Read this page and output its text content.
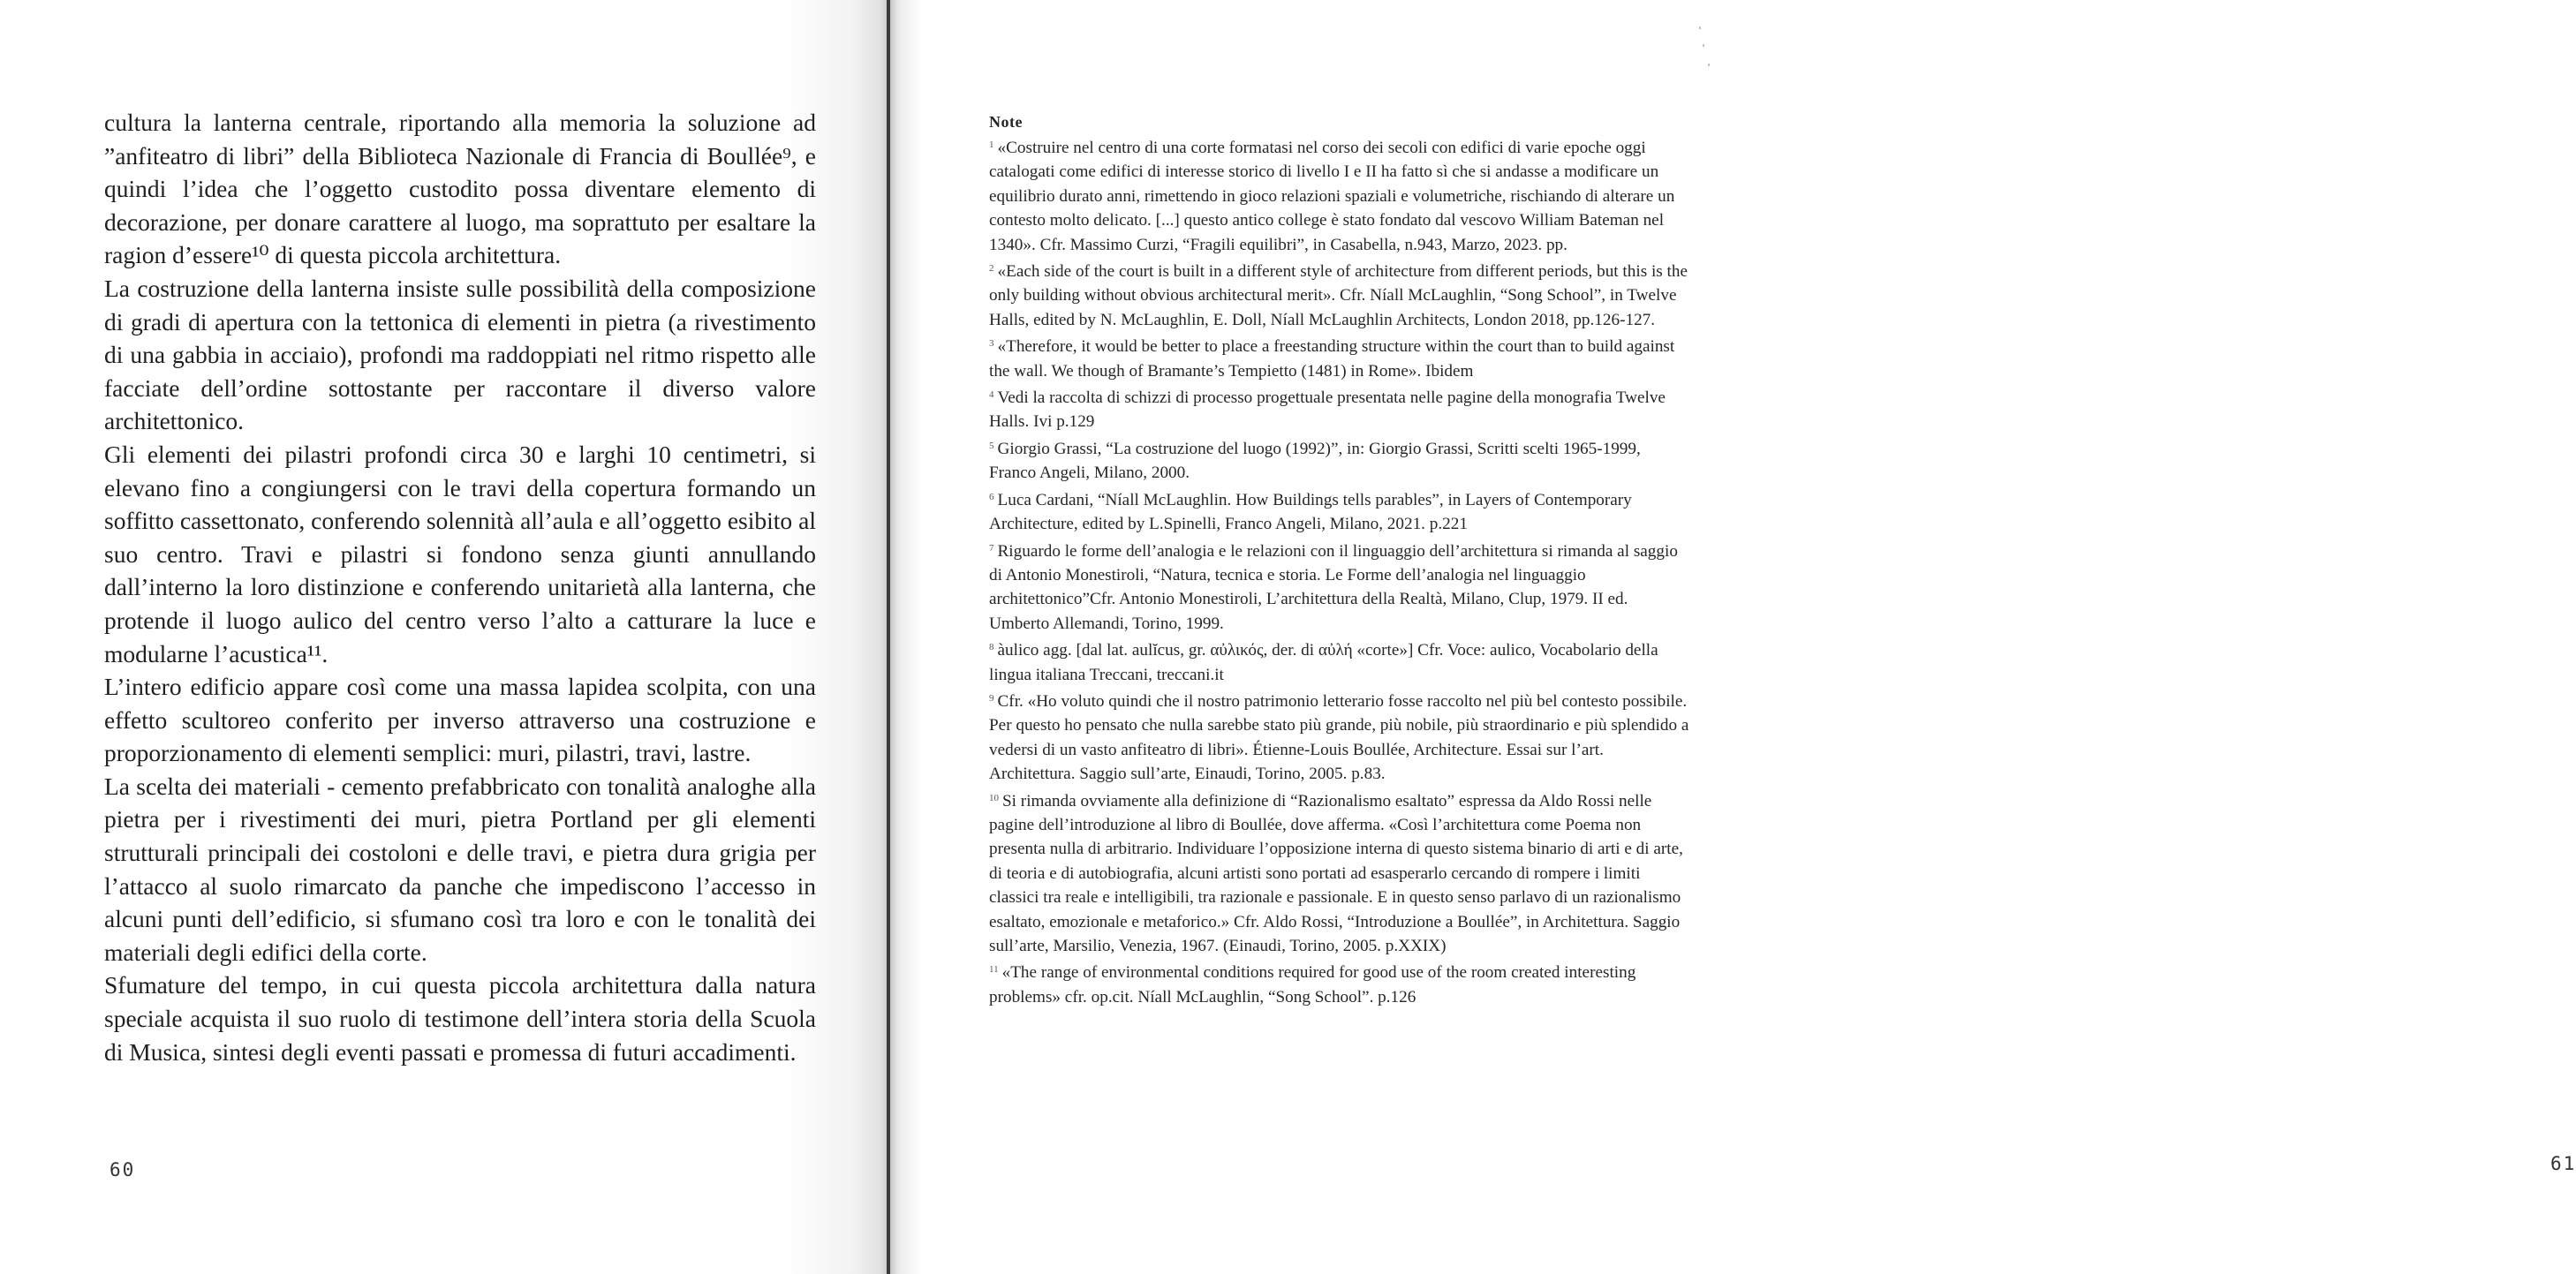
cultura la lanterna centrale, riportando alla memoria la soluzione ad ”anfiteatro di libri” della Biblioteca Nazionale di Francia di Boullée⁹, e quindi l’idea che l’oggetto custodito possa diventare elemento di decorazione, per donare carattere al luogo, ma soprattuto per esaltare la ragion d’essere¹⁰ di questa piccola architettura.

La costruzione della lanterna insiste sulle possibilità della composizione di gradi di apertura con la tettonica di elementi in pietra (a rivestimento di una gabbia in acciaio), profondi ma raddoppiati nel ritmo rispetto alle facciate dell’ordine sottostante per raccontare il diverso valore architettonico.

Gli elementi dei pilastri profondi circa 30 e larghi 10 centimetri, si elevano fino a congiungersi con le travi della copertura formando un soffitto cassettonato, conferendo solennità all’aula e all’oggetto esibito al suo centro. Travi e pilastri si fondono senza giunti annullando dall’interno la loro distinzione e conferendo unitarietà alla lanterna, che protende il luogo aulico del centro verso l’alto a catturare la luce e modularne l’acustica¹¹.

L’intero edificio appare così come una massa lapidea scolpita, con una effetto scultoreo conferito per inverso attraverso una costruzione e proporzionamento di elementi semplici: muri, pilastri, travi, lastre.

La scelta dei materiali - cemento prefabbricato con tonalità analoghe alla pietra per i rivestimenti dei muri, pietra Portland per gli elementi strutturali principali dei costoloni e delle travi, e pietra dura grigia per l’attacco al suolo rimarcato da panche che impediscono l’accesso in alcuni punti dell’edificio, si sfumano così tra loro e con le tonalità dei materiali degli edifici della corte.

Sfumature del tempo, in cui questa piccola architettura dalla natura speciale acquista il suo ruolo di testimone dell’intera storia della Scuola di Musica, sintesi degli eventi passati e promessa di futuri accadimenti.

60
Note

$^1$ «Costruire nel centro di una corte formatasi nel corso dei secoli con edifici di varie epoche oggi catalogati come edifici di interesse storico di livello I e II ha fatto sì che si andasse a modificare un equilibrio durato anni, rimettendo in gioco relazioni spaziali e volumetriche, rischiando di alterare un contesto molto delicato. [...] questo antico college è stato fondato dal vescovo William Bateman nel 1340». Cfr. Massimo Curzi, “Fragili equilibri”, in Casabella, n.943, Marzo, 2023. pp.

$^2$ «Each side of the court is built in a different style of architecture from different periods, but this is the only building without obvious architectural merit». Cfr. Níall McLaughlin, “Song School”, in Twelve Halls, edited by N. McLaughlin, E. Doll, Níall McLaughlin Architects, London 2018, pp.126-127.

$^3$ «Therefore, it would be better to place a freestanding structure within the court than to build against the wall. We though of Bramante’s Tempietto (1481) in Rome». Ibidem

$^4$ Vedi la raccolta di schizzi di processo progettuale presentata nelle pagine della monografia Twelve Halls. Ivi p.129

$^5$ Giorgio Grassi, “La costruzione del luogo (1992)”, in: Giorgio Grassi, Scritti scelti 1965-1999, Franco Angeli, Milano, 2000.

$^6$ Luca Cardani, “Níall McLaughlin. How Buildings tells parables”, in Layers of Contemporary Architecture, edited by L.Spinelli, Franco Angeli, Milano, 2021. p.221

$^7$ Riguardo le forme dell’analogia e le relazioni con il linguaggio dell’architettura si rimanda al saggio di Antonio Monestiroli, “Natura, tecnica e storia. Le Forme dell’analogia nel linguaggio architettonico”Cfr. Antonio Monestiroli, L’architettura della Realtà, Milano, Clup, 1979. II ed. Umberto Allemandi, Torino, 1999.

$^8$ àulico agg. [dal lat. aulĭcus, gr. αὐλικός, der. di αὐλή «corte»] Cfr. Voce: aulico, Vocabolario della lingua italiana Treccani, treccani.it

$^9$ Cfr. «Ho voluto quindi che il nostro patrimonio letterario fosse raccolto nel più bel contesto possibile. Per questo ho pensato che nulla sarebbe stato più grande, più nobile, più straordinario e più splendido a vedersi di un vasto anfiteatro di libri». Étienne-Louis Boullée, Architecture. Essai sur l’art. Architettura. Saggio sull’arte, Einaudi, Torino, 2005. p.83.

$^{10}$ Si rimanda ovviamente alla definizione di “Razionalismo esaltato” espressa da Aldo Rossi nelle pagine dell’introduzione al libro di Boullée, dove afferma. «Così l’architettura come Poema non presenta nulla di arbitrario. Individuare l’opposizione interna di questo sistema binario di arti e di arte, di teoria e di autobiografia, alcuni artisti sono portati ad esasperarlo cercando di rompere i limiti classici tra reale e intelligibili, tra razionale e passionale. E in questo senso parlavo di un razionalismo esaltato, emozionale e metaforico.» Cfr. Aldo Rossi, “Introduzione a Boullée”, in Architettura. Saggio sull’arte, Marsilio, Venezia, 1967. (Einaudi, Torino, 2005. p.XXIX)

$^{11}$ «The range of environmental conditions required for good use of the room created interesting problems» cfr. op.cit. Níall McLaughlin, “Song School”. p.126

61
